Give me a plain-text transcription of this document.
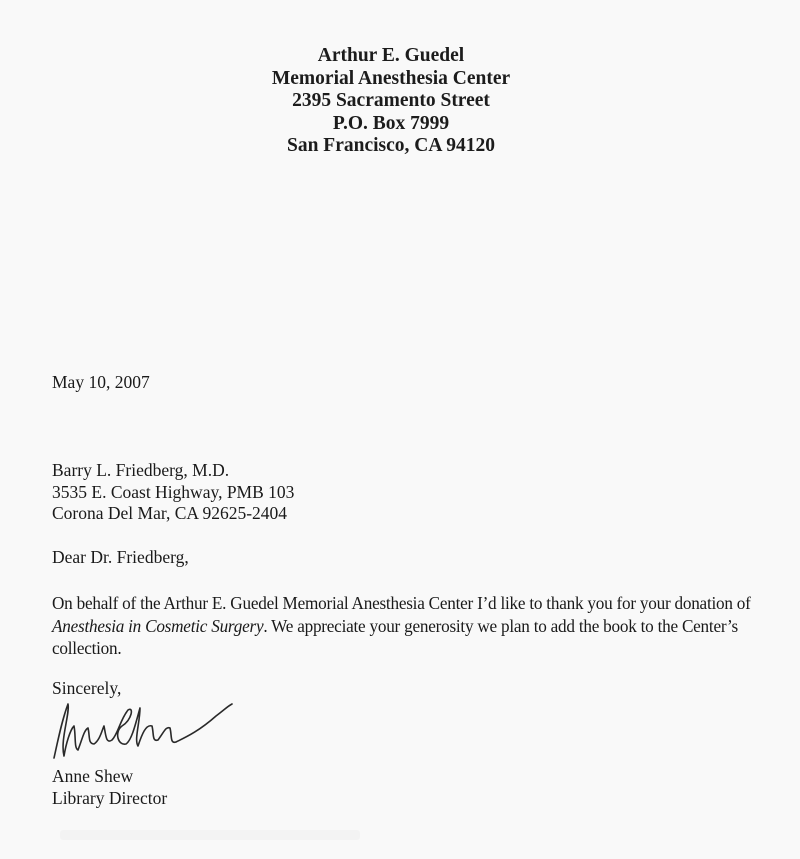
Arthur E. Guedel
Memorial Anesthesia Center
2395 Sacramento Street
P.O. Box 7999
San Francisco, CA 94120
May 10, 2007
Barry L. Friedberg, M.D.
3535 E. Coast Highway, PMB 103
Corona Del Mar, CA 92625-2404
Dear Dr. Friedberg,
On behalf of the Arthur E. Guedel Memorial Anesthesia Center I’d like to thank you for your donation of Anesthesia in Cosmetic Surgery. We appreciate your generosity we plan to add the book to the Center’s collection.
Sincerely,
Anne Shew
Library Director
